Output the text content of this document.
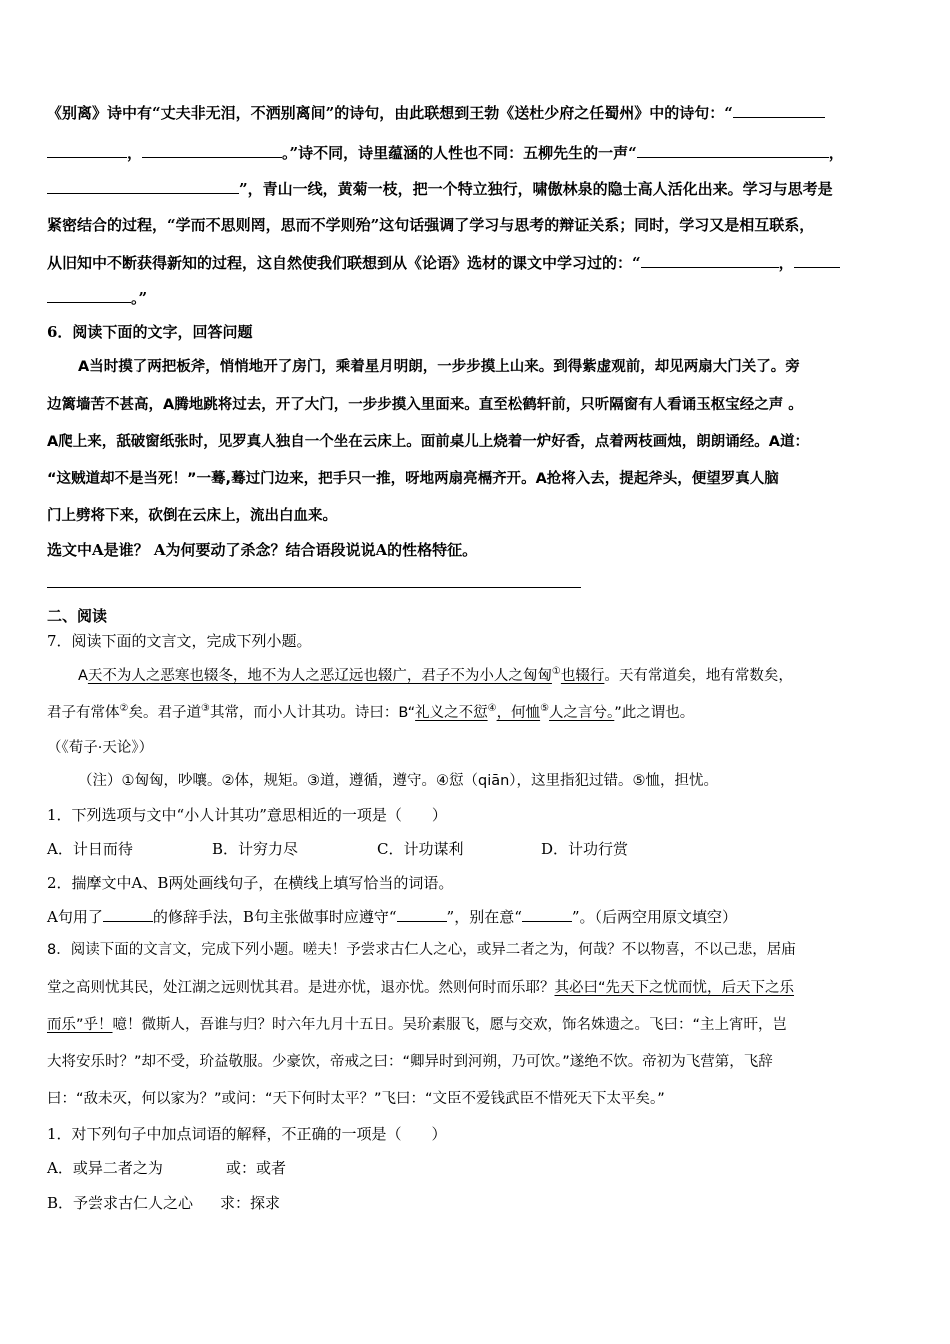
《别离》诗中有“丈夫非无泪，不洒别离间”的诗句，由此联想到王勃《送杜少府之任蜀州》中的诗句：“
，	。”诗不同，诗里蕴涵的人性也不同：五柳先生的一声“	，
”，青山一线，黄菊一枝，把一个特立独行，啸傲林泉的隐士高人活化出来。学习与思考是
紧密结合的过程，“学而不思则罔，思而不学则殆”这句话强调了学习与思考的辩证关系；同时，学习又是相互联系，
从旧知中不断获得新知的过程，这自然使我们联想到从《论语》选材的课文中学习过的：“	，
。”
6．阅读下面的文字，回答问题
A当时摸了两把板斧，悄悄地开了房门，乘着星月明朗，一步步摸上山来。到得紫虚观前，却见两扇大门关了。旁
边篱墙苦不甚高，A腾地跳将过去，开了大门，一步步摸入里面来。直至松鹤轩前，只听隔窗有人看诵玉枢宝经之声 。
A爬上来，舐破窗纸张时，见罗真人独自一个坐在云床上。面前桌儿上烧着一炉好香，点着两枝画烛，朗朗诵经。A道：
“这贼道却不是当死！”一蓦,蓦过门边来，把手只一推，呀地两扇亮槅齐开。A抢将入去，提起斧头，便望罗真人脑
门上劈将下来，砍倒在云床上，流出白血来。
选文中A是谁？ A为何要动了杀念？结合语段说说A的性格特征。
二、阅读
7．阅读下面的文言文，完成下列小题。
A天不为人之恶寒也辍冬，地不为人之恶辽远也辍广，君子不为小人之匈匈①也辍行。天有常道矣，地有常数矣，
君子有常体②矣。君子道③其常，而小人计其功。诗曰：B“礼义之不愆④，何恤⑤人之言兮。”此之谓也。
（《荀子·天论》）
（注）①匈匈，吵嚷。②体，规矩。③道，遵循，遵守。④愆（qiān），这里指犯过错。⑤恤，担忧。
1．下列选项与文中“小人计其功”意思相近的一项是（　　）
A．计日而待	B．计穷力尽	C．计功谋利	D．计功行赏
2．揣摩文中A、B两处画线句子，在横线上填写恰当的词语。
A句用了	的修辞手法，B句主张做事时应遵守“	”，别在意“	”。（后两空用原文填空）
8．阅读下面的文言文，完成下列小题。嗟夫！予尝求古仁人之心，或异二者之为，何哉？不以物喜，不以己悲，居庙
堂之高则忧其民，处江湖之远则忧其君。是进亦忧，退亦忧。然则何时而乐耶？其必曰“先天下之忧而忧，后天下之乐
而乐”乎！噫！微斯人，吾谁与归？时六年九月十五日。吴玠素服飞，愿与交欢，饰名姝遗之。飞曰：“主上宵旰，岂
大将安乐时？”却不受，玠益敬服。少豪饮，帝戒之曰：“卿异时到河朔，乃可饮。”遂绝不饮。帝初为飞营第，飞辞
曰：“敌未灭，何以家为？”或问：“天下何时太平？”飞曰：“文臣不爱钱武臣不惜死天下太平矣。”
1．对下列句子中加点词语的解释，不正确的一项是（　　）
A．或异二者之为	或：或者
B．予尝求古仁人之心 求：探求
